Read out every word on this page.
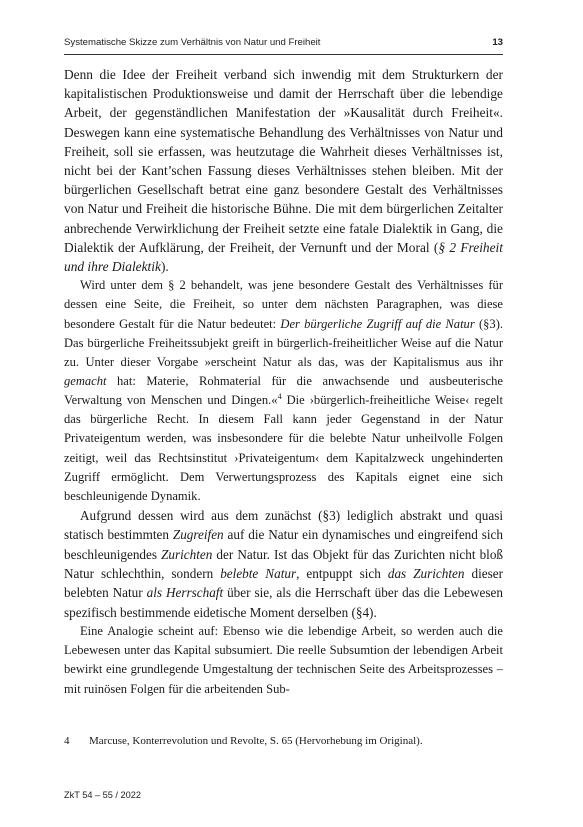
Systematische Skizze zum Verhältnis von Natur und Freiheit	13

Denn die Idee der Freiheit verband sich inwendig mit dem Strukturkern der kapitalistischen Produktionsweise und damit der Herrschaft über die lebendige Arbeit, der gegenständlichen Manifestation der »Kausalität durch Freiheit«. Deswegen kann eine systematische Behandlung des Verhältnisses von Natur und Freiheit, soll sie erfassen, was heutzutage die Wahrheit dieses Verhältnisses ist, nicht bei der Kant’schen Fassung dieses Verhältnisses stehen bleiben. Mit der bürgerlichen Gesellschaft betrat eine ganz besondere Gestalt des Verhältnisses von Natur und Freiheit die historische Bühne. Die mit dem bürgerlichen Zeitalter anbrechende Verwirklichung der Freiheit setzte eine fatale Dialektik in Gang, die Dialektik der Aufklärung, der Freiheit, der Vernunft und der Moral (§ 2 Freiheit und ihre Dialektik).

Wird unter dem § 2 behandelt, was jene besondere Gestalt des Verhältnisses für dessen eine Seite, die Freiheit, so unter dem nächsten Paragraphen, was diese besondere Gestalt für die Natur bedeutet: Der bürgerliche Zugriff auf die Natur (§3). Das bürgerliche Freiheitssubjekt greift in bürgerlich-freiheitlicher Weise auf die Natur zu. Unter dieser Vorgabe »erscheint Natur als das, was der Kapitalismus aus ihr gemacht hat: Materie, Rohmaterial für die anwachsende und ausbeuterische Verwaltung von Menschen und Dingen.«$^4$ Die ›bürgerlich-freiheitliche Weise‹ regelt das bürgerliche Recht. In diesem Fall kann jeder Gegenstand in der Natur Privateigentum werden, was insbesondere für die belebte Natur unheilvolle Folgen zeitigt, weil das Rechtsinstitut ›Privateigentum‹ dem Kapitalzweck ungehinderten Zugriff ermöglicht. Dem Verwertungsprozess des Kapitals eignet eine sich beschleunigende Dynamik.

Aufgrund dessen wird aus dem zunächst (§3) lediglich abstrakt und quasi statisch bestimmten Zugreifen auf die Natur ein dynamisches und eingreifend sich beschleunigendes Zurichten der Natur. Ist das Objekt für das Zurichten nicht bloß Natur schlechthin, sondern belebte Natur, entpuppt sich das Zurichten dieser belebten Natur als Herrschaft über sie, als die Herrschaft über das die Lebewesen spezifisch bestimmende eidetische Moment derselben (§4).

Eine Analogie scheint auf: Ebenso wie die lebendige Arbeit, so werden auch die Lebewesen unter das Kapital subsumiert. Die reelle Subsumtion der lebendigen Arbeit bewirkt eine grundlegende Umgestaltung der technischen Seite des Arbeitsprozesses – mit ruinösen Folgen für die arbeitenden Sub-

4 Marcuse, Konterrevolution und Revolte, S. 65 (Hervorhebung im Original).
ZkT 54 – 55 / 2022
